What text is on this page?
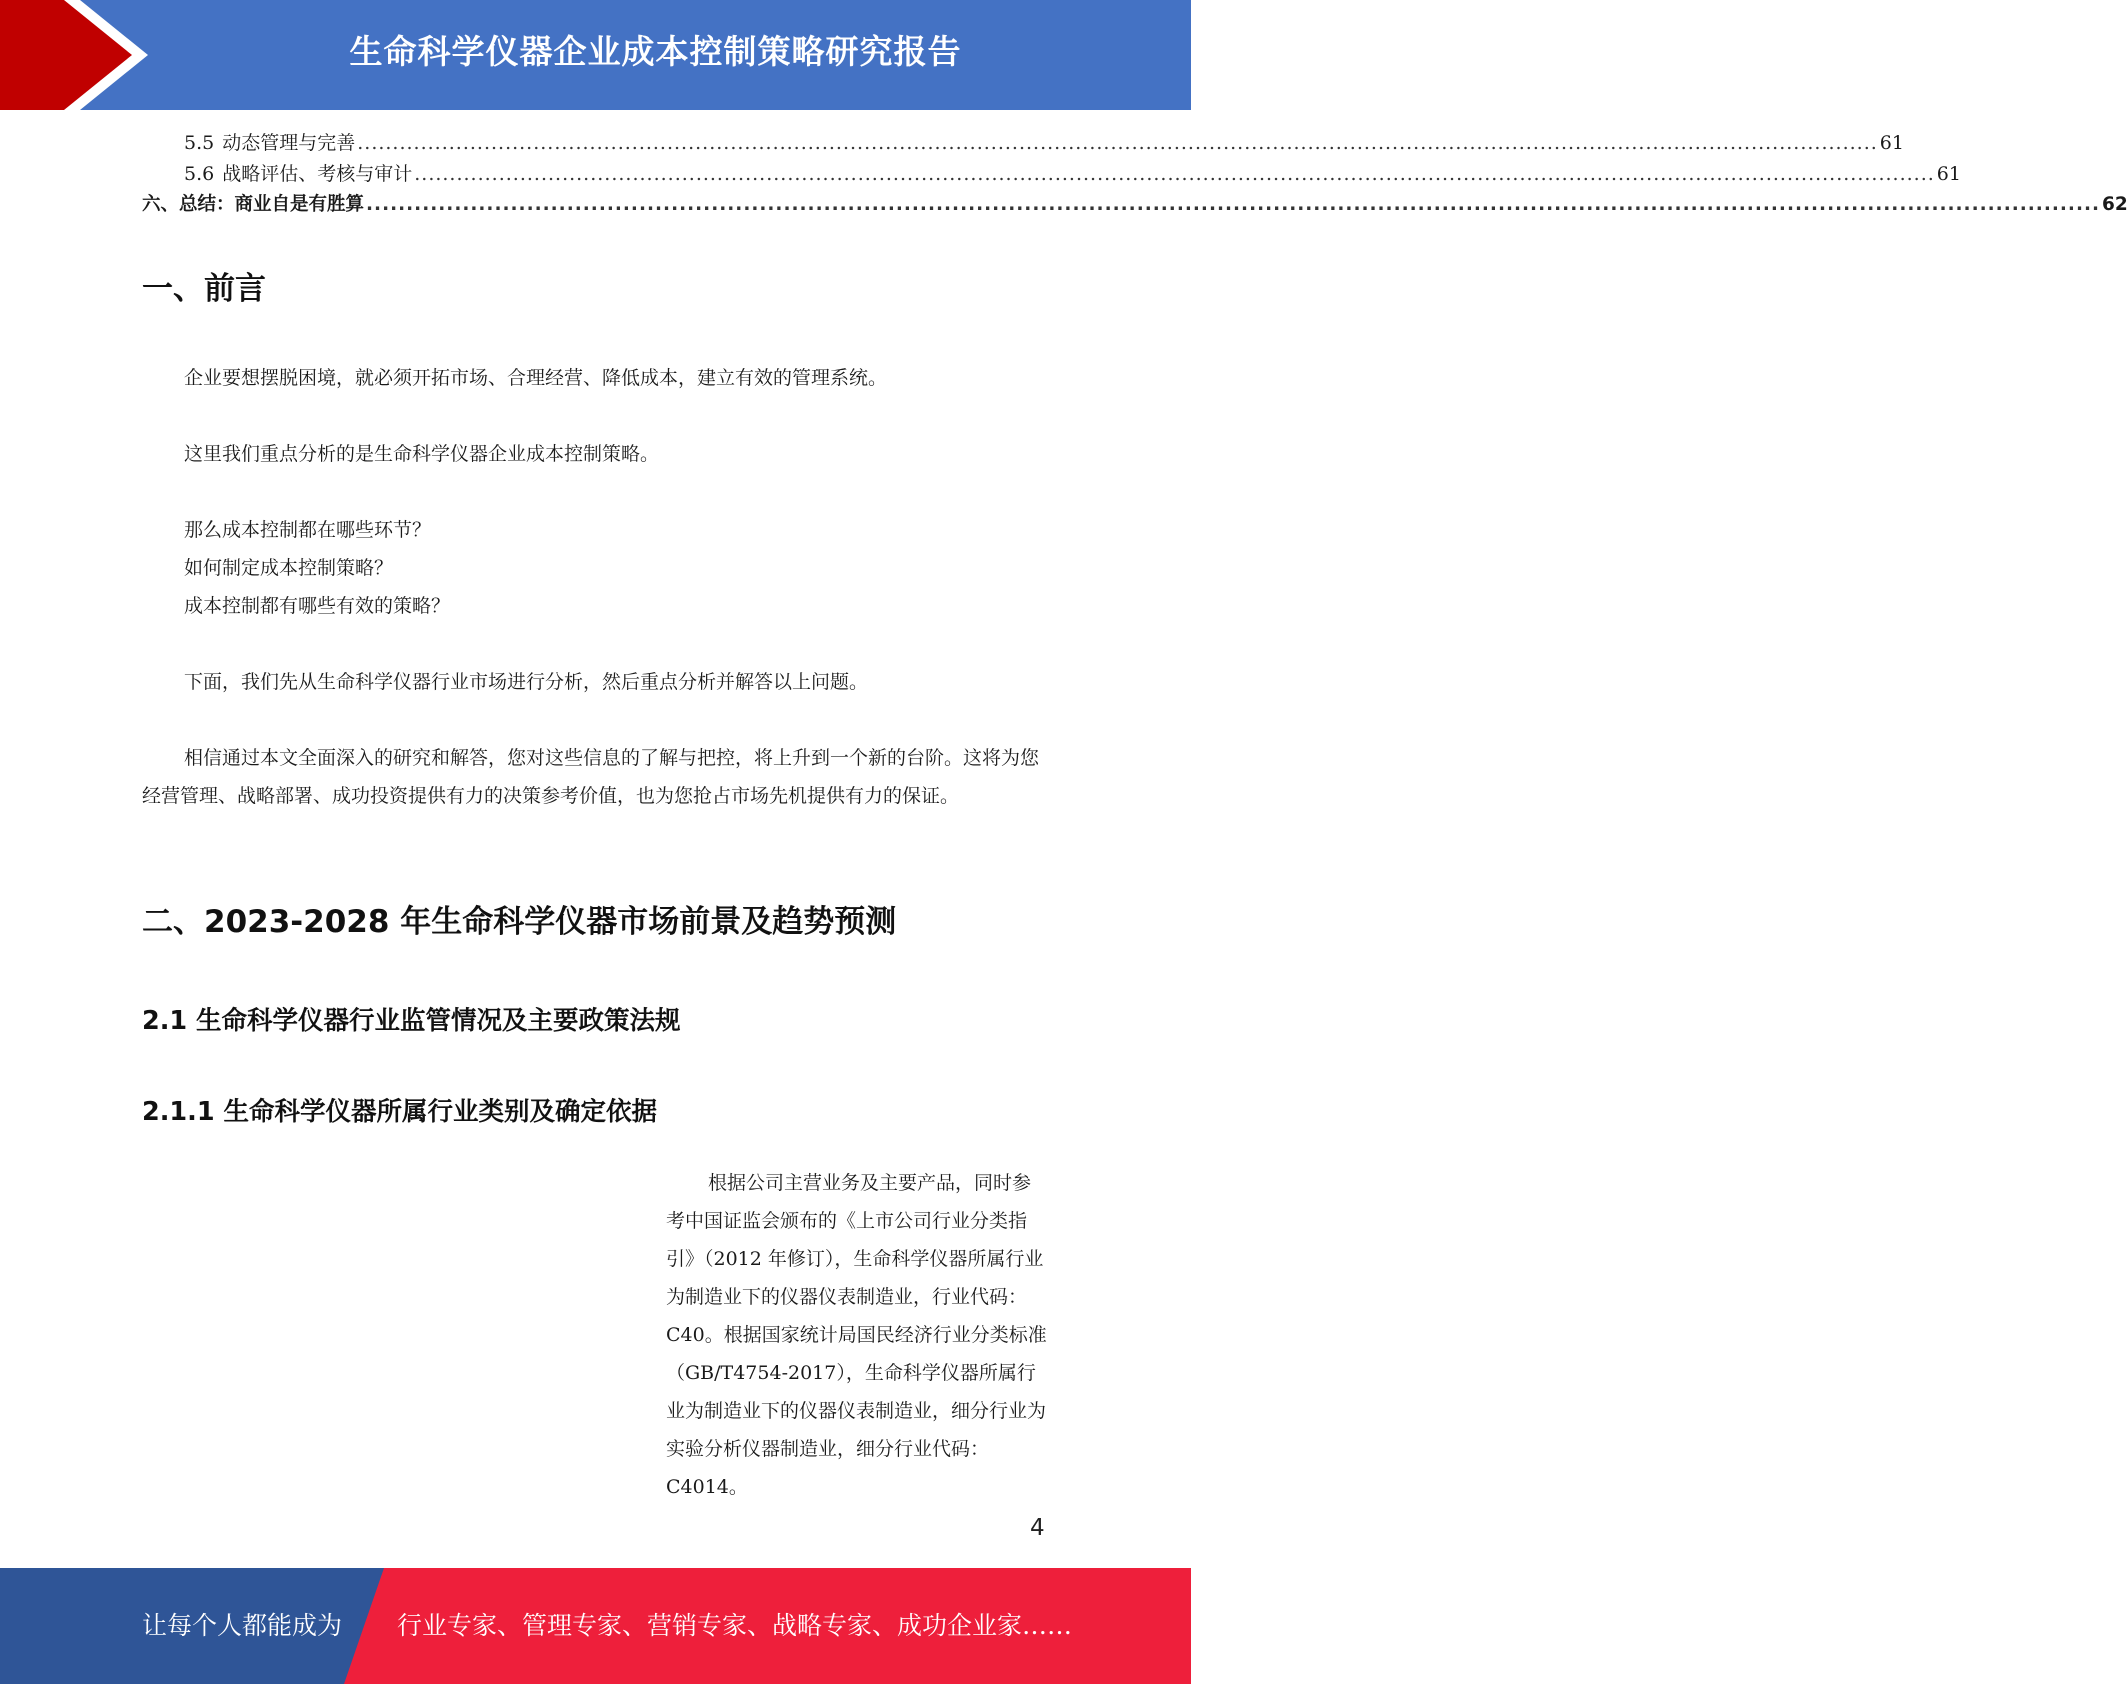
生命科学仪器企业成本控制策略研究报告
5.5 动态管理与完善 ........................................................................................................................................................................................................................ 61
5.6 战略评估、考核与审计 ........................................................................................................................................................................................................................ 61
六、总结：商业自是有胜算 ........................................................................................................................................................................................................................ 62
一、前言

企业要想摆脱困境，就必须开拓市场、合理经营、降低成本，建立有效的管理系统。

这里我们重点分析的是生命科学仪器企业成本控制策略。

那么成本控制都在哪些环节？

如何制定成本控制策略？

成本控制都有哪些有效的策略？

下面，我们先从生命科学仪器行业市场进行分析，然后重点分析并解答以上问题。

相信通过本文全面深入的研究和解答，您对这些信息的了解与把控，将上升到一个新的台阶。这将为您经营管理、战略部署、成功投资提供有力的决策参考价值，也为您抢占市场先机提供有力的保证。

二、2023-2028 年生命科学仪器市场前景及趋势预测
2.1 生命科学仪器行业监管情况及主要政策法规
2.1.1 生命科学仪器所属行业类别及确定依据

根据公司主营业务及主要产品，同时参考中国证监会颁布的《上市公司行业分类指引》（2012 年修订），生命科学仪器所属行业为制造业下的仪器仪表制造业，行业代码：C40。根据国家统计局国民经济行业分类标准（GB/T4754-2017），生命科学仪器所属行业为制造业下的仪器仪表制造业，细分行业为实验分析仪器制造业，细分行业代码：C4014。

4
让每个人都能成为 行业专家、管理专家、营销专家、战略专家、成功企业家……
